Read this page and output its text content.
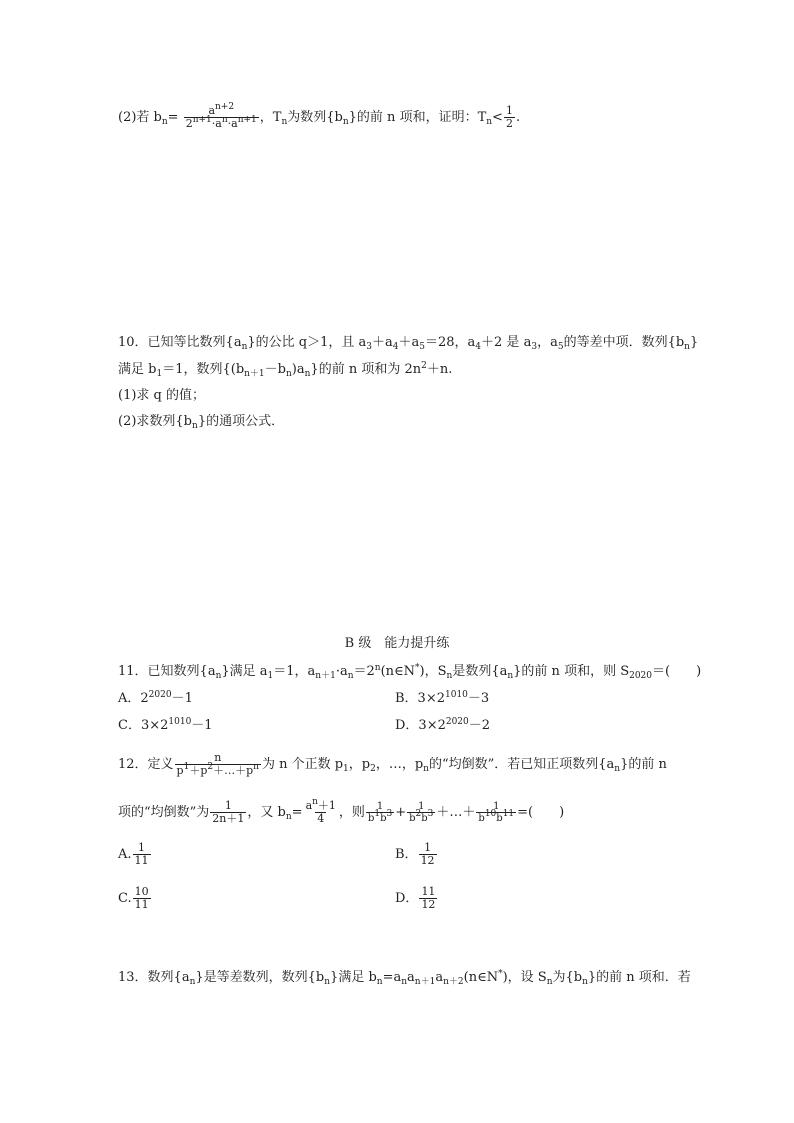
(2)若 $b_n= \frac{a^{n+2}}{2^{n+1}\cdot a^n\cdot a^{n+1}}$ ，$T_n$为数列$\{b_n\}$的前 n 项和，证明：$T_n< \frac{1}{2}$ .
10．已知等比数列$\{a_n\}$的公比 q＞1，且 $a_3+a_4+a_5=28$，$a_4+2$ 是 $a_3$，$a_5$的等差中项．数列$\{b_n\}$
满足 $b_1=1$，数列$\{(b_{n+1}-b_n)a_n\}$的前 n 项和为 $2n^2+n$.
(1)求 q 的值；
(2)求数列$\{b_n\}$的通项公式．
B 级　能力提升练
11．已知数列$\{a_n\}$满足 $a_1=1$，$a_{n+1}\cdot a_n=2^n(n\in N^*)$，$S_n$是数列$\{a_n\}$的前 n 项和，则 $S_{2020}=$(　　)
A．$2^{2020}-1$	B．$3\times 2^{1010}-3$
C．$3\times 2^{1010}-1$	D．$3\times 2^{2020}-2$
12．定义 $\frac{n}{p^1+p^2+\dots+p^n}$ 为 n 个正数 $p_1$，$p_2$，…，$p_n$的“均倒数”．若已知正项数列$\{a_n\}$的前 n
项的“均倒数”为 $\frac{1}{2n+1}$ ，又 $b_n= \frac{a^n+1}{4}$ ，则 $\frac{1}{b^1b^3} + \frac{1}{b^2b^3}$ ＋…＋ $\frac{1}{b^{10}b^{11}}$ =(　　)
A. $\frac{1}{11}$	B． $\frac{1}{12}$
C. $\frac{10}{11}$	D． $\frac{11}{12}$
13．数列$\{a_n\}$是等差数列，数列$\{b_n\}$满足 $b_n=a_na_{n+1}a_{n+2}(n\in N^*)$，设 $S_n$为$\{b_n\}$的前 n 项和．若
